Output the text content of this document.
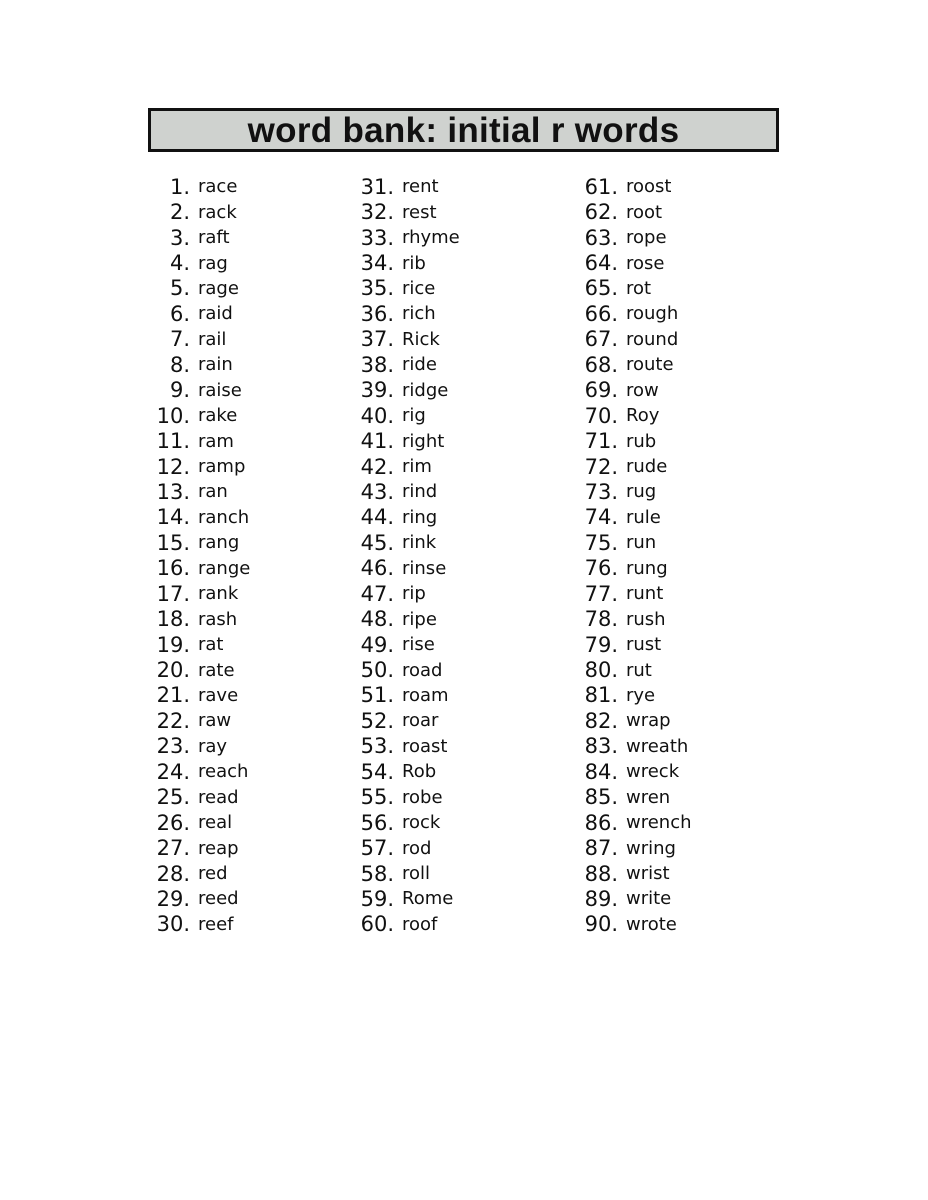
word bank: initial r words
1. race
2. rack
3. raft
4. rag
5. rage
6. raid
7. rail
8. rain
9. raise
10. rake
11. ram
12. ramp
13. ran
14. ranch
15. rang
16. range
17. rank
18. rash
19. rat
20. rate
21. rave
22. raw
23. ray
24. reach
25. read
26. real
27. reap
28. red
29. reed
30. reef
31. rent
32. rest
33. rhyme
34. rib
35. rice
36. rich
37. Rick
38. ride
39. ridge
40. rig
41. right
42. rim
43. rind
44. ring
45. rink
46. rinse
47. rip
48. ripe
49. rise
50. road
51. roam
52. roar
53. roast
54. Rob
55. robe
56. rock
57. rod
58. roll
59. Rome
60. roof
61. roost
62. root
63. rope
64. rose
65. rot
66. rough
67. round
68. route
69. row
70. Roy
71. rub
72. rude
73. rug
74. rule
75. run
76. rung
77. runt
78. rush
79. rust
80. rut
81. rye
82. wrap
83. wreath
84. wreck
85. wren
86. wrench
87. wring
88. wrist
89. write
90. wrote
